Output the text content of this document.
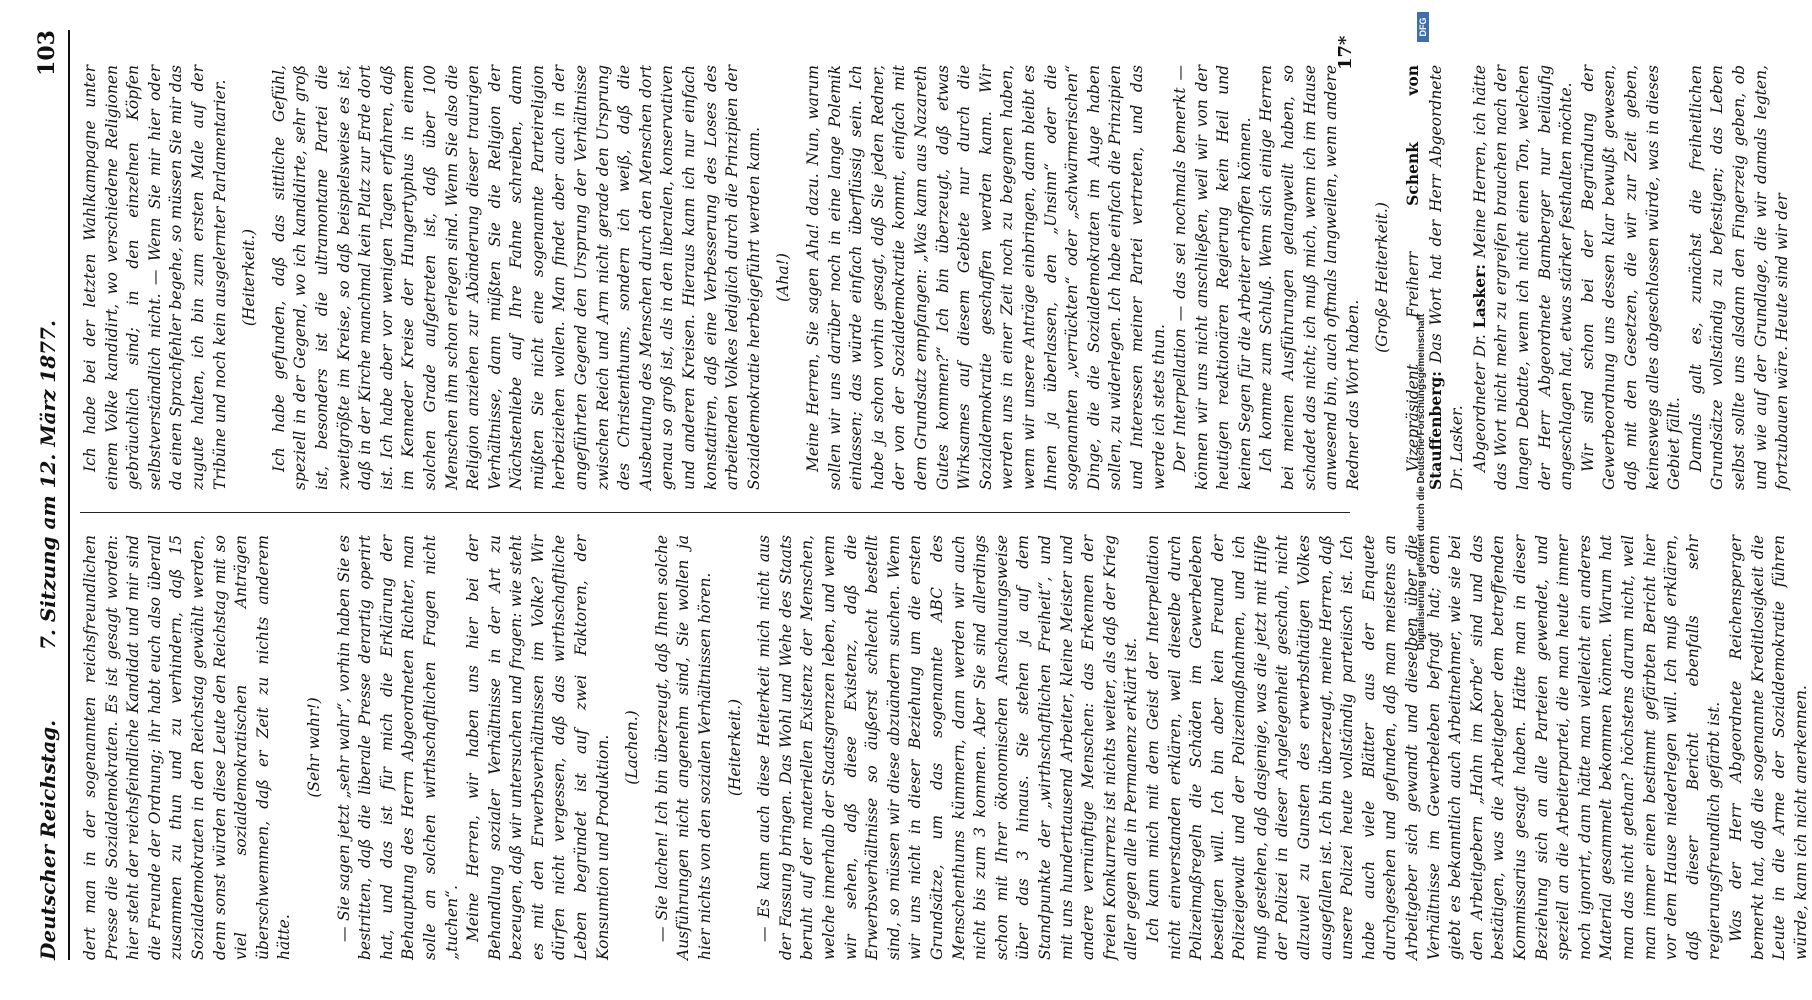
Deutscher Reichstag.
7. Sitzung am 12. März 1877.
103

dert man in der sogenannten reichsfreundlichen Presse die Sozialdemokraten. Es ist gesagt worden: hier steht der reichsfeindliche Kandidat und mir sind die Freunde der Ordnung; ihr habt euch also überall zusammen zu thun und zu verhindern, daß 15 Sozialdemokraten in den Reichstag gewählt werden, denn sonst würden diese Leute den Reichstag mit so viel sozialdemokratischen Anträgen überschwemmen, daß er Zeit zu nichts anderem hätte.

(Sehr wahr!) — Sie sagen jetzt „sehr wahr“, vorhin haben Sie es bestritten, daß die liberale Presse derartig operirt hat, und das ist für mich die Erklärung der Behauptung des Herrn Abgeordneten Richter, man solle an solchen wirthschaftlichen Fragen nicht „tuchen“. Meine Herren, wir haben uns hier bei der Behandlung sozialer Verhältnisse in der Art zu bezeugen, daß wir untersuchen und fragen: wie steht es mit den Erwerbsverhältnissen im Volke? Wir dürfen nicht vergessen, daß das wirthschaftliche Leben begründet ist auf zwei Faktoren, der Konsumtion und Produktion. (Lachen.) — Sie lachen! Ich bin überzeugt, daß Ihnen solche Ausführungen nicht angenehm sind, Sie wollen ja hier nichts von den sozialen Verhältnissen hören. (Heiterkeit.) — Es kann auch diese Heiterkeit mich nicht aus der Fassung bringen. Das Wohl und Wehe des Staats beruht auf der materiellen Existenz der Menschen, welche innerhalb der Staatsgrenzen leben, und wenn wir sehen, daß diese Existenz, daß die Erwerbsverhältnisse so äußerst schlecht bestellt sind, so müssen wir diese abzuändern suchen. Wenn wir uns nicht in dieser Beziehung um die ersten Grundsätze, um das sogenannte ABC des Menschenthums kümmern, dann werden wir auch nicht bis zum 3 kommen. Aber Sie sind allerdings schon mit Ihrer ökonomischen Anschauungsweise über das 3 hinaus. Sie stehen ja auf dem Standpunkte der „wirthschaftlichen Freiheit“, und mit uns hunderttausend Arbeiter, kleine Meister und andere vernünftige Menschen: das Erkennen der freien Konkurrenz ist nichts weiter, als daß der Krieg aller gegen alle in Permanenz erklärt ist. Ich kann mich mit dem Geist der Interpellation nicht einverstanden erklären, weil dieselbe durch Polizeimaßregeln die Schäden im Gewerbeleben beseitigen will. Ich bin aber kein Freund der Polizeigewalt und der Polizeimaßnahmen, und ich muß gestehen, daß dasjenige, was die jetzt mit Hilfe der Polizei in dieser Angelegenheit geschah, nicht allzuviel zu Gunsten des erwerbsthätigen Volkes ausgefallen ist. Ich bin überzeugt, meine Herren, daß unsere Polizei heute vollständig parteiisch ist. Ich habe auch viele Blätter aus der Enquete durchgesehen und gefunden, daß man meistens an Arbeitgeber sich gewandt und dieselben über die Verhältnisse im Gewerbeleben befragt hat; denn giebt es bekanntlich auch Arbeitnehmer, wie sie bei den Arbeitgebern „Hahn im Korbe“ sind und das bestätigen, was die Arbeitgeber dem betreffenden Kommissarius gesagt haben. Hätte man in dieser Beziehung sich an alle Parteien gewendet, und speziell an die Arbeiterpartei, die man heute immer noch ignorirt, dann hätte man vielleicht ein anderes Material gesammelt bekommen können. Warum hat man das nicht gethan? höchstens darum nicht, weil man immer einen bestimmt gefärbten Bericht hier vor dem Hause niederlegen will. Ich muß erklären, daß dieser Bericht ebenfalls sehr regierungsfreundlich gefärbt ist. Was der Herr Abgeordnete Reichensperger bemerkt hat, daß die sogenannte Kreditlosigkeit die Leute in die Arme der Sozialdemokratie führen würde, kann ich nicht anerkennen.

Ich habe bei der letzten Wahlkampagne unter einem Volke kandidirt, wo verschiedene Religionen gebräuchlich sind; in den einzelnen Köpfen selbstverständlich nicht. — Wenn Sie mir hier oder da einen Sprachfehler begehe, so müssen Sie mir das zugute halten, ich bin zum ersten Male auf der Tribüne und noch kein ausgelernter Parlamentarier. (Heiterkeit.) Ich habe gefunden, daß das sittliche Gefühl, speziell in der Gegend, wo ich kandidirte, sehr groß ist, besonders ist die ultramontane Partei die zweitgrößte im Kreise, so daß beispielsweise es ist, daß in der Kirche manchmal kein Platz zur Erde dort ist. Ich habe aber vor wenigen Tagen erfahren, daß im Kenneder Kreise der Hungertyphus in einem solchen Grade aufgetreten ist, daß über 100 Menschen ihm schon erlegen sind. Wenn Sie also die Religion anziehen zur Abänderung dieser traurigen Verhältnisse, dann müßten Sie die Religion der Nächstenliebe auf Ihre Fahne schreiben, dann müßten Sie nicht eine sogenannte Parteireligion herbeiziehen wollen. Man findet aber auch in der angeführten Gegend den Ursprung der Verhältnisse zwischen Reich und Arm nicht gerade den Ursprung des Christenthums, sondern ich weiß, daß die Ausbeutung des Menschen durch den Menschen dort genau so groß ist, als in den liberalen, konservativen und anderen Kreisen. Hieraus kann ich nur einfach konstatiren, daß eine Verbesserung des Loses des arbeitenden Volkes lediglich durch die Prinzipien der Sozialdemokratie herbeigeführt werden kann. (Aha!) Meine Herren, Sie sagen Aha! dazu. Nun, warum sollen wir uns darüber noch in eine lange Polemik einlassen; das würde einfach überflüssig sein. Ich habe ja schon vorhin gesagt, daß Sie jeden Redner, der von der Sozialdemokratie kommt, einfach mit dem Grundsatz empfangen: „Was kann aus Nazareth Gutes kommen?“ Ich bin überzeugt, daß etwas Wirksames auf diesem Gebiete nur durch die Sozialdemokratie geschaffen werden kann. Wir werden uns in einer Zeit noch zu begegnen haben, wenn wir unsere Anträge einbringen, dann bleibt es Ihnen ja überlassen, den „Unsinn“ oder die sogenannten „verrückten“ oder „schwärmerischen“ Dinge, die die Sozialdemokraten im Auge haben sollen, zu widerlegen. Ich habe einfach die Prinzipien und Interessen meiner Partei vertreten, und das werde ich stets thun. Der Interpellation — das sei nochmals bemerkt — können wir uns nicht anschließen, weil wir von der heutigen reaktionären Regierung kein Heil und keinen Segen für die Arbeiter erhoffen können. Ich komme zum Schluß. Wenn sich einige Herren bei meinen Ausführungen gelangweilt haben, so schadet das nicht; ich muß mich, wenn ich im Hause anwesend bin, auch oftmals langweilen, wenn andere Redner das Wort haben.

(Große Heiterkeit.) Vizepräsident Freiherr Schenk von Stauffenberg: Das Wort hat der Herr Abgeordnete Dr. Lasker. Abgeordneter Dr. Lasker: Meine Herren, ich hätte das Wort nicht mehr zu ergreifen brauchen nach der langen Debatte, wenn ich nicht einen Ton, welchen der Herr Abgeordnete Bamberger nur beiläufig angeschlagen hat, etwas stärker festhalten möchte. Wir sind schon bei der Begründung der Gewerbeordnung uns dessen klar bewußt gewesen, daß mit den Gesetzen, die wir zur Zeit geben, keineswegs alles abgeschlossen würde, was in dieses Gebiet fällt. Damals galt es, zunächst die freiheitlichen Grundsätze vollständig zu befestigen; das Leben selbst sollte uns alsdann den Fingerzeig geben, ob und wie auf der Grundlage, die wir damals legten, fortzubauen wäre. Heute sind wir der

17*
Digitalisierung gefördert durch die Deutsche Forschungsgemeinschaft
DFG
